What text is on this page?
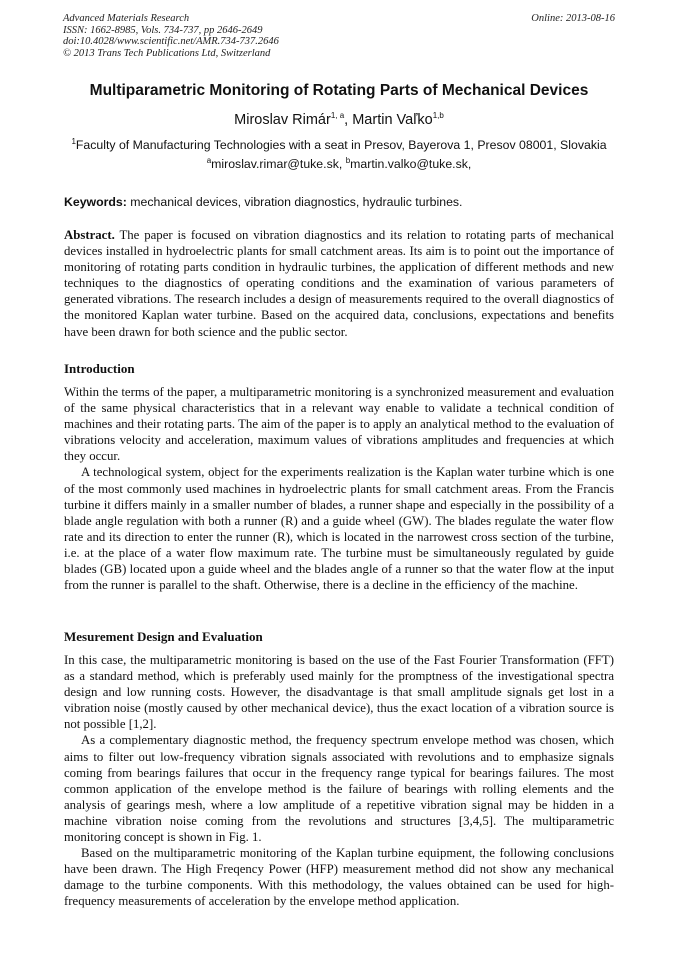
Advanced Materials Research
ISSN: 1662-8985, Vols. 734-737, pp 2646-2649
doi:10.4028/www.scientific.net/AMR.734-737.2646
© 2013 Trans Tech Publications Ltd, Switzerland
Online: 2013-08-16
Multiparametric Monitoring of Rotating Parts of Mechanical Devices
Miroslav Rimár$^{1, a}$, Martin Vaľko$^{1,b}$
$^1$Faculty of Manufacturing Technologies with a seat in Presov, Bayerova 1, Presov 08001, Slovakia
$^a$miroslav.rimar@tuke.sk, $^b$martin.valko@tuke.sk,
Keywords: mechanical devices, vibration diagnostics, hydraulic turbines.

Abstract. The paper is focused on vibration diagnostics and its relation to rotating parts of mechanical devices installed in hydroelectric plants for small catchment areas. Its aim is to point out the importance of monitoring of rotating parts condition in hydraulic turbines, the application of different methods and new techniques to the diagnostics of operating conditions and the examination of various parameters of generated vibrations. The research includes a design of measurements required to the overall diagnostics of the monitored Kaplan water turbine. Based on the acquired data, conclusions, expectations and benefits have been drawn for both science and the public sector.

Introduction

Within the terms of the paper, a multiparametric monitoring is a synchronized measurement and evaluation of the same physical characteristics that in a relevant way enable to validate a technical condition of machines and their rotating parts. The aim of the paper is to apply an analytical method to the evaluation of vibrations velocity and acceleration, maximum values of vibrations amplitudes and frequencies at which they occur.

A technological system, object for the experiments realization is the Kaplan water turbine which is one of the most commonly used machines in hydroelectric plants for small catchment areas. From the Francis turbine it differs mainly in a smaller number of blades, a runner shape and especially in the possibility of a blade angle regulation with both a runner (R) and a guide wheel (GW). The blades regulate the water flow rate and its direction to enter the runner (R), which is located in the narrowest cross section of the turbine, i.e. at the place of a water flow maximum rate. The turbine must be simultaneously regulated by guide blades (GB) located upon a guide wheel and the blades angle of a runner so that the water flow at the input from the runner is parallel to the shaft. Otherwise, there is a decline in the efficiency of the machine.

Mesurement Design and Evaluation

In this case, the multiparametric monitoring is based on the use of the Fast Fourier Transformation (FFT) as a standard method, which is preferably used mainly for the promptness of the investigational spectra design and low running costs. However, the disadvantage is that small amplitude signals get lost in a vibration noise (mostly caused by other mechanical device), thus the exact location of a vibration source is not possible [1,2].

As a complementary diagnostic method, the frequency spectrum envelope method was chosen, which aims to filter out low-frequency vibration signals associated with revolutions and to emphasize signals coming from bearings failures that occur in the frequency range typical for bearings failures. The most common application of the envelope method is the failure of bearings with rolling elements and the analysis of gearings mesh, where a low amplitude of a repetitive vibration signal may be hidden in a machine vibration noise coming from the revolutions and structures [3,4,5]. The multiparametric monitoring concept is shown in Fig. 1.

Based on the multiparametric monitoring of the Kaplan turbine equipment, the following conclusions have been drawn. The High Freqency Power (HFP) measurement method did not show any mechanical damage to the turbine components. With this methodology, the values obtained can be used for high-frequency measurements of acceleration by the envelope method application.
